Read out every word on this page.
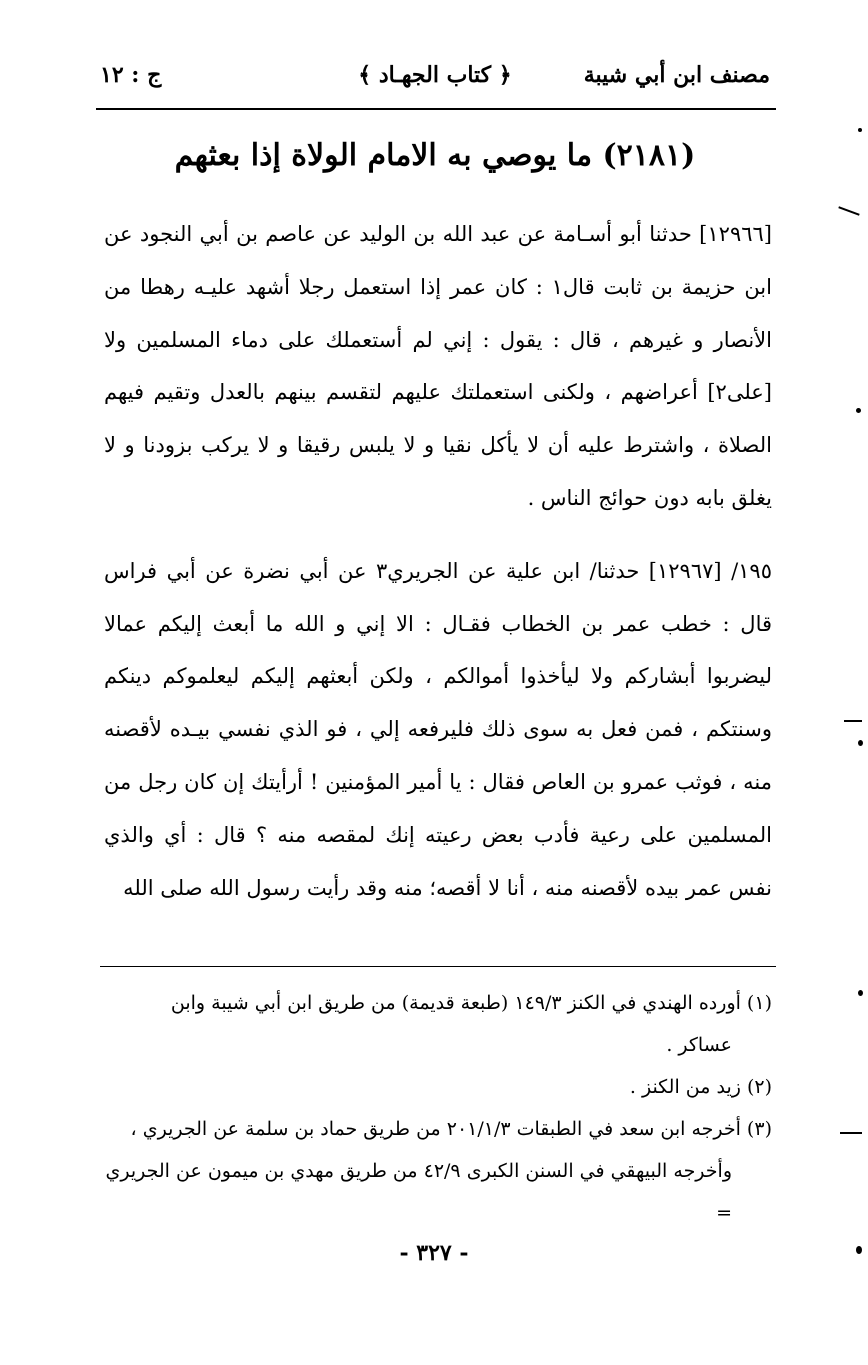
مصنف ابن أبي شيبة
﴿ كتاب الجهـاد ﴾
ج : ١٢
(٢١٨١) ما يوصي به الامام الولاة إذا بعثهم

[١٢٩٦٦] حدثنا أبو أسـامة عن عبد الله بن الوليد عن عاصم بن أبي النجود عن ابن حزيمة بن ثابت قال١ : كان عمر إذا استعمل رجلا أشهد عليـه رهطا من الأنصار و غيرهم ، قال : يقول : إني لم أستعملك على دماء المسلمين ولا [على٢] أعراضهم ، ولكنى استعملتك عليهم لتقسم بينهم بالعدل وتقيم فيهم الصلاة ، واشترط عليه أن لا يأكل نقيا و لا يلبس رقيقا و لا يركب بزودنا و لا يغلق بابه دون حوائج الناس .

١٩٥/ [١٢٩٦٧] حدثنا/ ابن علية عن الجريري٣ عن أبي نضرة عن أبي فراس قال : خطب عمر بن الخطاب فقـال : الا إني و الله ما أبعث إليكم عمالا ليضربوا أبشاركم ولا ليأخذوا أموالكم ، ولكن أبعثهم إليكم ليعلموكم دينكم وسنتكم ، فمن فعل به سوى ذلك فليرفعه إلي ، فو الذي نفسي بيـده لأقصنه منه ، فوثب عمرو بن العاص فقال : يا أمير المؤمنين ! أرأيتك إن كان رجل من المسلمين على رعية فأدب بعض رعيته إنك لمقصه منه ؟ قال : أي والذي نفس عمر بيده لأقصنه منه ، أنا لا أقصه؛ منه وقد رأيت رسول الله صلى الله

(١) أورده الهندي في الكنز ١٤٩/٣ (طبعة قديمة) من طريق ابن أبي شيبة وابن

عساكر .

(٢) زيد من الكنز .

(٣) أخرجه ابن سعد في الطبقات ٢٠١/١/٣ من طريق حماد بن سلمة عن الجريري ،

وأخرجه البيهقي في السنن الكبرى ٤٢/٩ من طريق مهدي بن ميمون عن الجريري =

- ٣٢٧ -
